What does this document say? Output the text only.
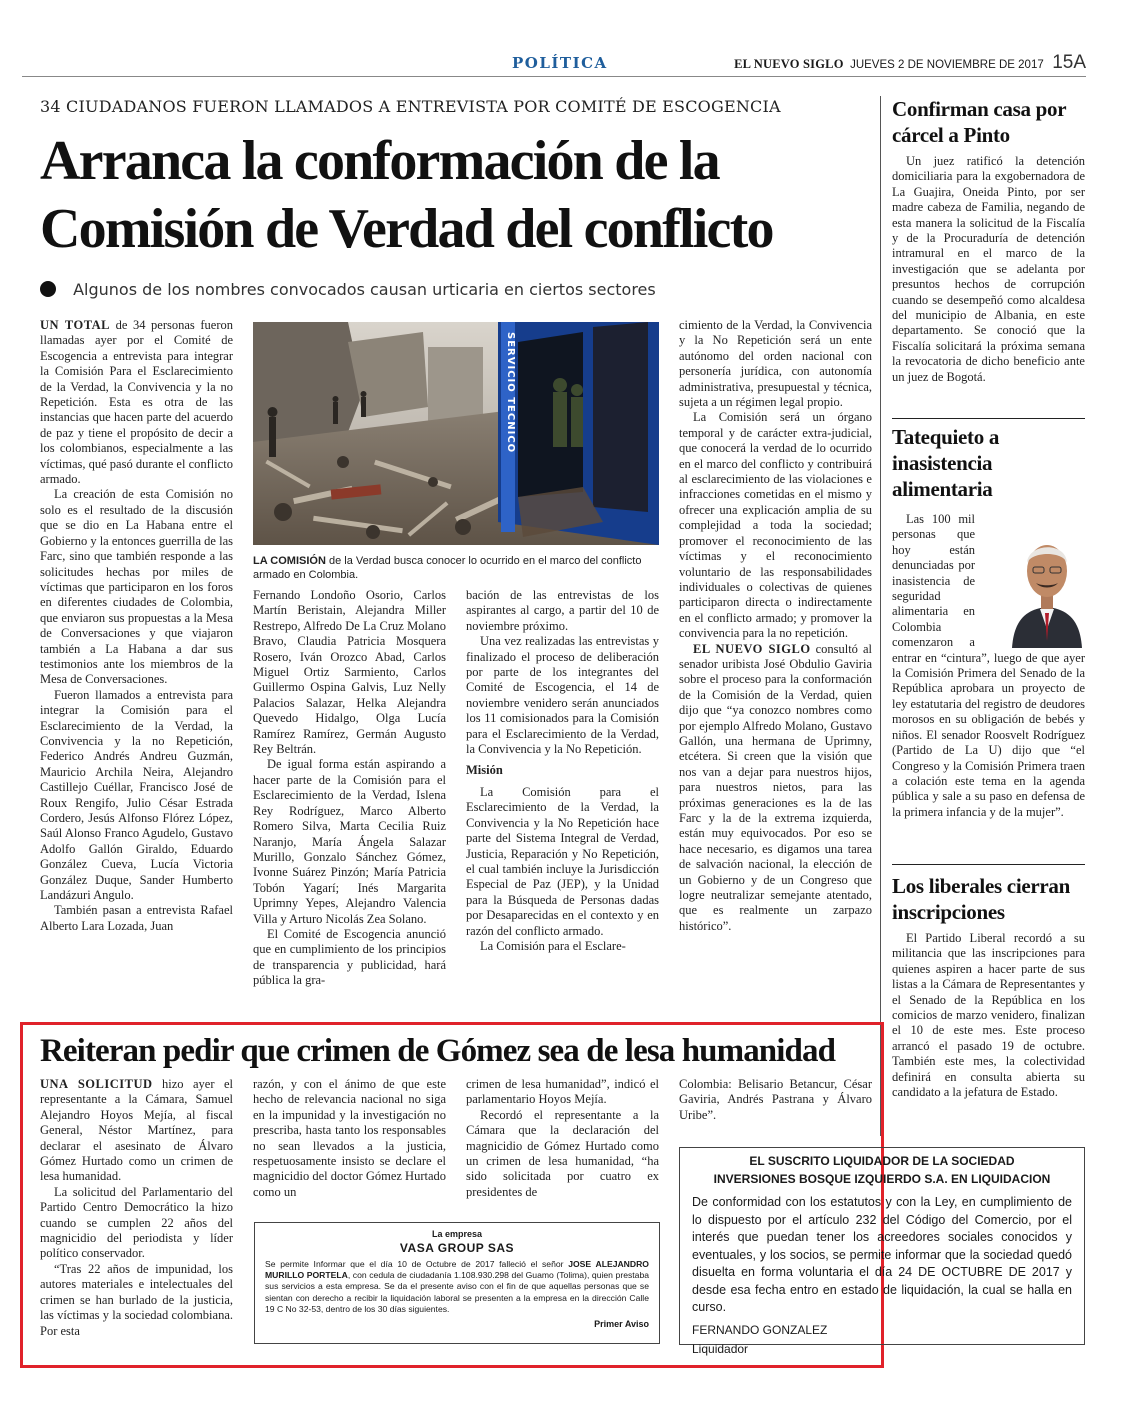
POLÍTICA	EL NUEVO SIGLO JUEVES 2 DE NOVIEMBRE DE 2017 15A
34 CIUDADANOS FUERON LLAMADOS A ENTREVISTA POR COMITÉ DE ESCOGENCIA
Arranca la conformación de la
Comisión de Verdad del conflicto
Algunos de los nombres convocados causan urticaria en ciertos sectores

UN TOTAL de 34 personas fueron llamadas ayer por el Comité de Escogencia a entrevista para integrar la Comisión Para el Esclarecimiento de la Verdad, la Convivencia y la no Repetición. Esta es otra de las instancias que hacen parte del acuerdo de paz y tiene el propósito de decir a los colombianos, especialmente a las víctimas, qué pasó durante el conflicto armado.

La creación de esta Comisión no solo es el resultado de la discusión que se dio en La Habana entre el Gobierno y la entonces guerrilla de las Farc, sino que también responde a las solicitudes hechas por miles de víctimas que participaron en los foros en diferentes ciudades de Colombia, que enviaron sus propuestas a la Mesa de Conversaciones y que viajaron también a La Habana a dar sus testimonios ante los miembros de la Mesa de Conversaciones.

Fueron llamados a entrevista para integrar la Comisión para el Esclarecimiento de la Verdad, la Convivencia y la no Repetición, Federico Andrés Andreu Guzmán, Mauricio Archila Neira, Alejandro Castillejo Cuéllar, Francisco José de Roux Rengifo, Julio César Estrada Cordero, Jesús Alfonso Flórez López, Saúl Alonso Franco Agudelo, Gustavo Adolfo Gallón Giraldo, Eduardo González Cueva, Lucía Victoria González Duque, Sander Humberto Landázuri Angulo.

También pasan a entrevista Rafael Alberto Lara Lozada, Juan

SERVICIO TECNICO
LA COMISIÓN de la Verdad busca conocer lo ocurrido en el marco del conflicto armado en Colombia.

Fernando Londoño Osorio, Carlos Martín Beristain, Alejandra Miller Restrepo, Alfredo De La Cruz Molano Bravo, Claudia Patricia Mosquera Rosero, Iván Orozco Abad, Carlos Miguel Ortiz Sarmiento, Carlos Guillermo Ospina Galvis, Luz Nelly Palacios Salazar, Helka Alejandra Quevedo Hidalgo, Olga Lucía Ramírez Ramírez, Germán Augusto Rey Beltrán.

De igual forma están aspirando a hacer parte de la Comisión para el Esclarecimiento de la Verdad, Islena Rey Rodríguez, Marco Alberto Romero Silva, Marta Cecilia Ruiz Naranjo, María Ángela Salazar Murillo, Gonzalo Sánchez Gómez, Ivonne Suárez Pinzón; María Patricia Tobón Yagarí; Inés Margarita Uprimny Yepes, Alejandro Valencia Villa y Arturo Nicolás Zea Solano.

El Comité de Escogencia anunció que en cumplimiento de los principios de transparencia y publicidad, hará pública la gra-

bación de las entrevistas de los aspirantes al cargo, a partir del 10 de noviembre próximo.

Una vez realizadas las entrevistas y finalizado el proceso de deliberación por parte de los integrantes del Comité de Escogencia, el 14 de noviembre venidero serán anunciados los 11 comisionados para la Comisión para el Esclarecimiento de la Verdad, la Convivencia y la No Repetición.

Misión

La Comisión para el Esclarecimiento de la Verdad, la Convivencia y la No Repetición hace parte del Sistema Integral de Verdad, Justicia, Reparación y No Repetición, el cual también incluye la Jurisdicción Especial de Paz (JEP), y la Unidad para la Búsqueda de Personas dadas por Desaparecidas en el contexto y en razón del conflicto armado.

La Comisión para el Esclare-

cimiento de la Verdad, la Convivencia y la No Repetición será un ente autónomo del orden nacional con personería jurídica, con autonomía administrativa, presupuestal y técnica, sujeta a un régimen legal propio.

La Comisión será un órgano temporal y de carácter extra-judicial, que conocerá la verdad de lo ocurrido en el marco del conflicto y contribuirá al esclarecimiento de las violaciones e infracciones cometidas en el mismo y ofrecer una explicación amplia de su complejidad a toda la sociedad; promover el reconocimiento de las víctimas y el reconocimiento voluntario de las responsabilidades individuales o colectivas de quienes participaron directa o indirectamente en el conflicto armado; y promover la convivencia para la no repetición.

EL NUEVO SIGLO consultó al senador uribista José Obdulio Gaviria sobre el proceso para la conformación de la Comisión de la Verdad, quien dijo que “ya conozco nombres como por ejemplo Alfredo Molano, Gustavo Gallón, una hermana de Uprimny, etcétera. Si creen que la visión que nos van a dejar para nuestros hijos, para nuestros nietos, para las próximas generaciones es la de las Farc y la de la extrema izquierda, están muy equivocados. Por eso se hace necesario, es digamos una tarea de salvación nacional, la elección de un Gobierno y de un Congreso que logre neutralizar semejante atentado, que es realmente un zarpazo histórico”.

Confirman casa por cárcel a Pinto

Un juez ratificó la detención domiciliaria para la exgobernadora de La Guajira, Oneida Pinto, por ser madre cabeza de Familia, negando de esta manera la solicitud de la Fiscalía y de la Procuraduría de detención intramural en el marco de la investigación que se adelanta por presuntos hechos de corrupción cuando se desempeñó como alcaldesa del municipio de Albania, en este departamento. Se conoció que la Fiscalía solicitará la próxima semana la revocatoria de dicho beneficio ante un juez de Bogotá.

Tatequieto a inasistencia alimentaria

Las 100 mil personas que hoy están denunciadas por inasistencia de seguridad alimentaria en Colombia comenzaron a entrar en “cintura”, luego de que ayer la Comisión Primera del Senado de la República aprobara un proyecto de ley estatutaria del registro de deudores morosos en su obligación de bebés y niños. El senador Roosvelt Rodríguez (Partido de La U) dijo que “el Congreso y la Comisión Primera traen a colación este tema en la agenda pública y sale a su paso en defensa de la primera infancia y de la mujer”.

Los liberales cierran inscripciones

El Partido Liberal recordó a su militancia que las inscripciones para quienes aspiren a hacer parte de sus listas a la Cámara de Representantes y el Senado de la República en los comicios de marzo venidero, finalizan el 10 de este mes. Este proceso arrancó el pasado 19 de octubre. También este mes, la colectividad definirá en consulta abierta su candidato a la jefatura de Estado.

Reiteran pedir que crimen de Gómez sea de lesa humanidad

UNA SOLICITUD hizo ayer el representante a la Cámara, Samuel Alejandro Hoyos Mejía, al fiscal General, Néstor Martínez, para declarar el asesinato de Álvaro Gómez Hurtado como un crimen de lesa humanidad.

La solicitud del Parlamentario del Partido Centro Democrático la hizo cuando se cumplen 22 años del magnicidio del periodista y líder político conservador.

“Tras 22 años de impunidad, los autores materiales e intelectuales del crimen se han burlado de la justicia, las víctimas y la sociedad colombiana. Por esta

razón, y con el ánimo de que este hecho de relevancia nacional no siga en la impunidad y la investigación no prescriba, hasta tanto los responsables no sean llevados a la justicia, respetuosamente insisto se declare el magnicidio del doctor Gómez Hurtado como un

crimen de lesa humanidad”, indicó el parlamentario Hoyos Mejía.

Recordó el representante a la Cámara que la declaración del magnicidio de Gómez Hurtado como un crimen de lesa humanidad, “ha sido solicitada por cuatro ex presidentes de

Colombia: Belisario Betancur, César Gaviria, Andrés Pastrana y Álvaro Uribe”.

La empresa
VASA GROUP SAS
Se permite Informar que el día 10 de Octubre de 2017 falleció el señor JOSE ALEJANDRO MURILLO PORTELA, con cedula de ciudadanía 1.108.930.298 del Guamo (Tolima), quien prestaba sus servicios a esta empresa. Se da el presente aviso con el fin de que aquellas personas que se sientan con derecho a recibir la liquidación laboral se presenten a la empresa en la dirección Calle 19 C No 32-53, dentro de los 30 días siguientes.
Primer Aviso
EL SUSCRITO LIQUIDADOR DE LA SOCIEDAD
INVERSIONES BOSQUE IZQUIERDO S.A. EN LIQUIDACION
De conformidad con los estatutos y con la Ley, en cumplimiento de lo dispuesto por el artículo 232 del Código del Comercio, por el interés que puedan tener los acreedores sociales conocidos y eventuales, y los socios, se permite informar que la sociedad quedó disuelta en forma voluntaria el día 24 DE OCTUBRE DE 2017 y desde esa fecha entro en estado de liquidación, la cual se halla en curso.
FERNANDO GONZALEZ
Liquidador
